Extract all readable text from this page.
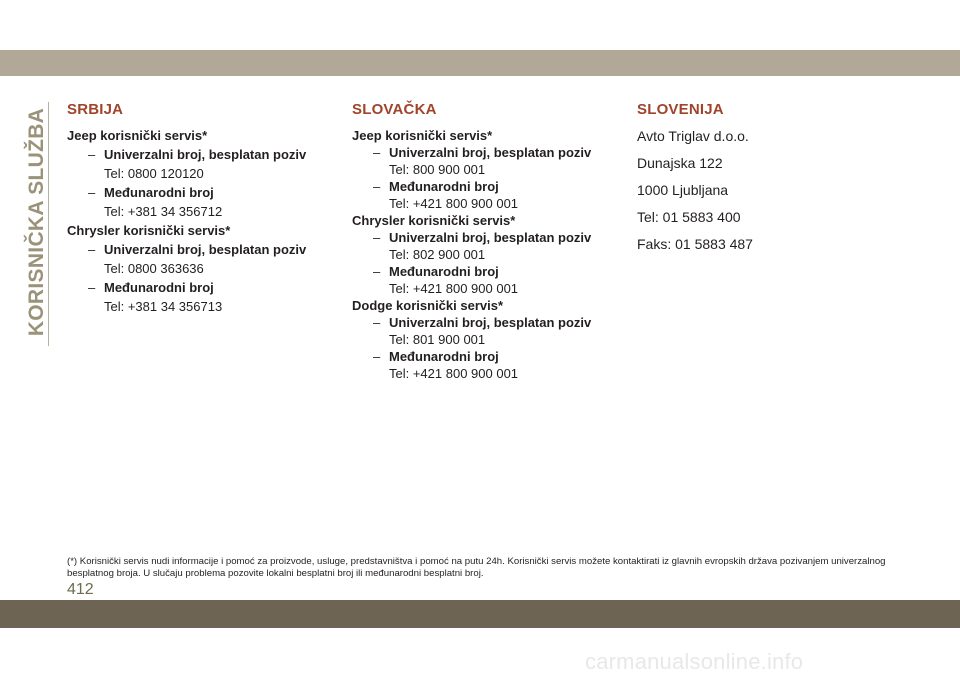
KORISNIČKA SLUŽBA SRBIJA
Jeep korisnički servis*
– Univerzalni broj, besplatan poziv
Tel: 0800 120120
– Međunarodni broj
Tel: +381 34 356712
Chrysler korisnički servis*
– Univerzalni broj, besplatan poziv
Tel: 0800 363636
– Međunarodni broj
Tel: +381 34 356713
SLOVAČKA
Jeep korisnički servis*
– Univerzalni broj, besplatan poziv
Tel: 800 900 001
– Međunarodni broj
Tel: +421 800 900 001
Chrysler korisnički servis*
– Univerzalni broj, besplatan poziv
Tel: 802 900 001
– Međunarodni broj
Tel: +421 800 900 001
Dodge korisnički servis*
– Univerzalni broj, besplatan poziv
Tel: 801 900 001
– Međunarodni broj
Tel: +421 800 900 001
SLOVENIJA
Avto Triglav d.o.o.
Dunajska 122
1000 Ljubljana
Tel: 01 5883 400
Faks: 01 5883 487
(*) Korisnički servis nudi informacije i pomoć za proizvode, usluge, predstavništva i pomoć na putu 24h. Korisnički servis možete kontaktirati iz glavnih evropskih država pozivanjem univerzalnog besplatnog broja. U slučaju problema pozovite lokalni besplatni broj ili međunarodni besplatni broj.
412
carmanualsonline.info
